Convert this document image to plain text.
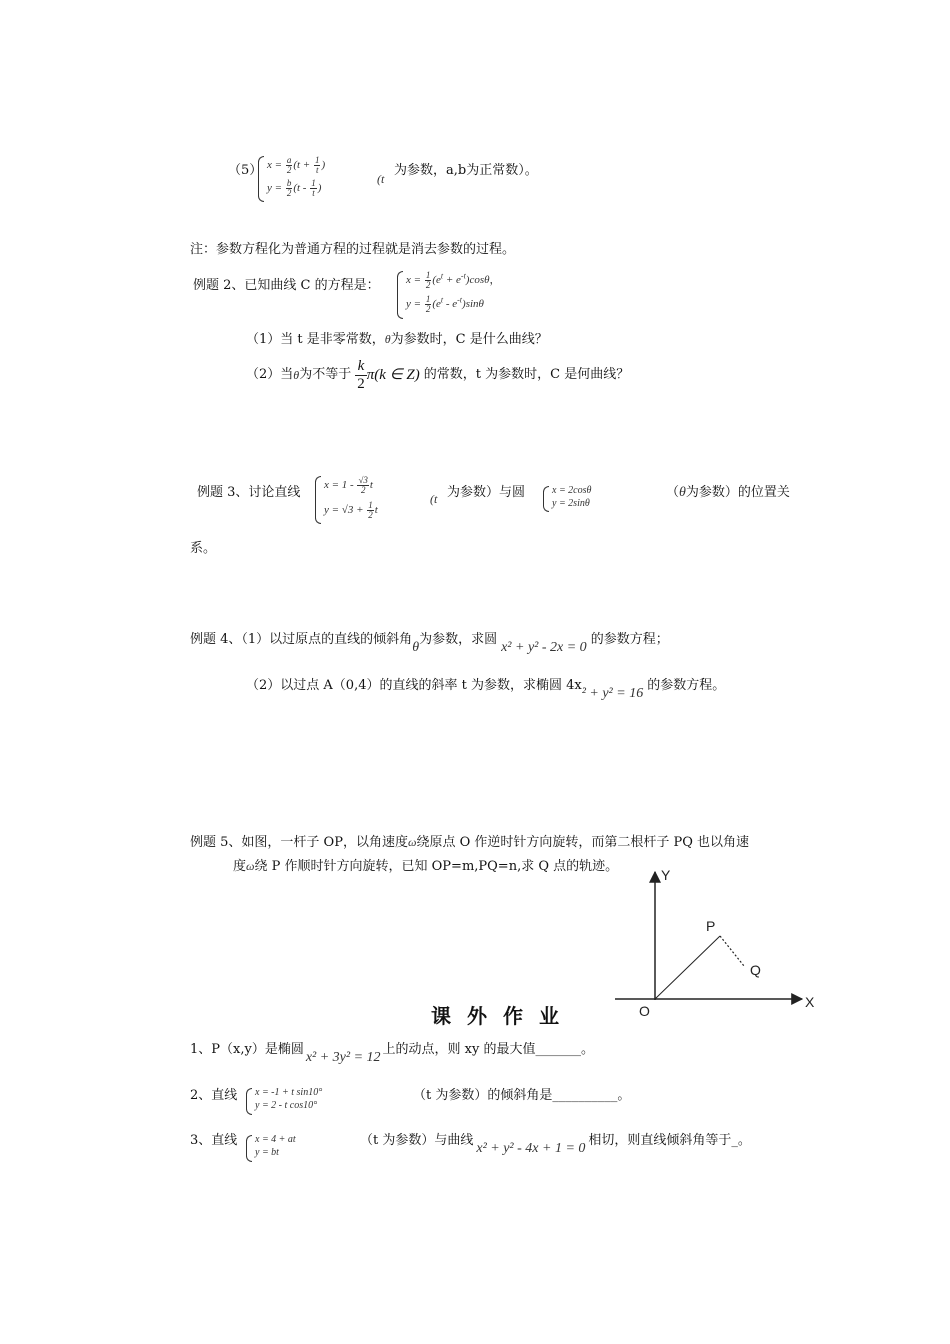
（5） $x = \frac{a}{2} (t + \frac{1}{t}$ )
$y = \frac{b}{2} (t - \frac{1}{t}$ )
(t
为参数，a,b为正常数）。
注：参数方程化为普通方程的过程就是消去参数的过程。
例题 2、已知曲线 C 的方程是： $x = \frac{1}{2} (e^t + e^{-t})\cos\theta$，
$y = \frac{1}{2} (e^t - e^{-t})\sin\theta$
（1）当 t 是非零常数，θ为参数时，C 是什么曲线？
（2）当 θ 为不等于 $\frac{k}{2} \pi(k$ ∈ Z) 的常数，t 为参数时，C 是何曲线？
例题 3、讨论直线 $x = 1 - \frac{√3}{2}$ t
$y = √3 + \frac{1}{2}$ t
(t 为参数）与圆	x = 2cosθ
y = 2sinθ
（θ为参数）的位置关
系。
例题 4、（1）以过原点的直线的倾斜角θ为参数，求圆x² + y² - 2x = 0的参数方程；
（2）以过点 A（0,4）的直线的斜率 t 为参数，求椭圆 4x² + y² = 16的参数方程。
例题 5、如图，一杆子 OP，以角速度ω绕原点 O 作逆时针方向旋转，而第二根杆子 PQ 也以角速
度ω绕 P 作顺时针方向旋转，已知 OP=m,PQ=n,求 Q 点的轨迹。
Y
X
O
P
Q
课外作业
1、P（x,y）是椭圆x² + 3y² = 12上的动点，则 xy 的最大值_______。
2、直线 x = -1 + t sin10°
y = 2 - t cos10°
（t 为参数）的倾斜角是__________。
3、直线 x = 4 + at
y = bt
（t 为参数）与曲线x² + y² - 4x + 1 = 0相切，则直线倾斜角等于_。
